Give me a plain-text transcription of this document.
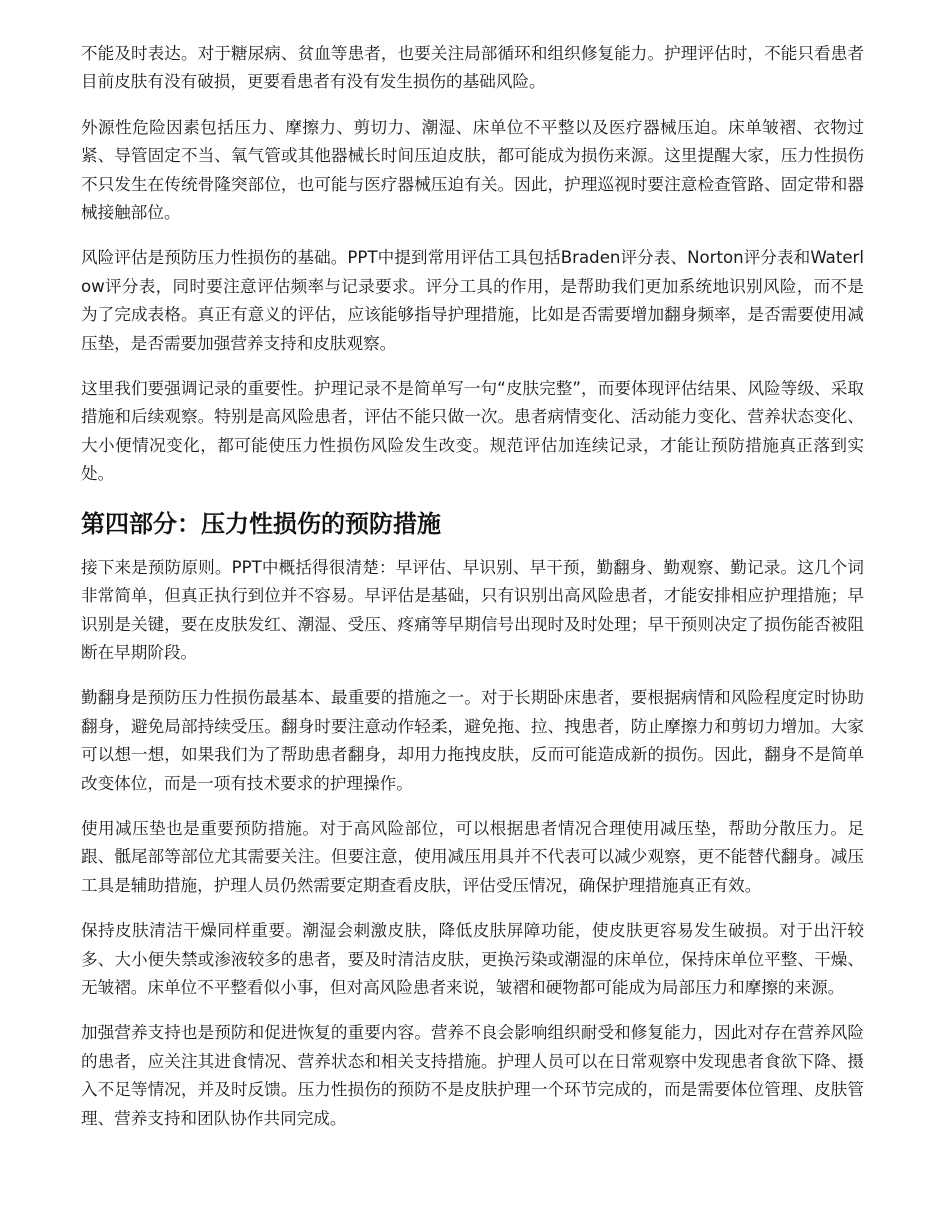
不能及时表达。对于糖尿病、贫血等患者，也要关注局部循环和组织修复能力。护理评估时，不能只看患者目前皮肤有没有破损，更要看患者有没有发生损伤的基础风险。

外源性危险因素包括压力、摩擦力、剪切力、潮湿、床单位不平整以及医疗器械压迫。床单皱褶、衣物过紧、导管固定不当、氧气管或其他器械长时间压迫皮肤，都可能成为损伤来源。这里提醒大家，压力性损伤不只发生在传统骨隆突部位，也可能与医疗器械压迫有关。因此，护理巡视时要注意检查管路、固定带和器械接触部位。

风险评估是预防压力性损伤的基础。PPT中提到常用评估工具包括Braden评分表、Norton评分表和Waterlow评分表，同时要注意评估频率与记录要求。评分工具的作用，是帮助我们更加系统地识别风险，而不是为了完成表格。真正有意义的评估，应该能够指导护理措施，比如是否需要增加翻身频率，是否需要使用减压垫，是否需要加强营养支持和皮肤观察。

这里我们要强调记录的重要性。护理记录不是简单写一句“皮肤完整”，而要体现评估结果、风险等级、采取措施和后续观察。特别是高风险患者，评估不能只做一次。患者病情变化、活动能力变化、营养状态变化、大小便情况变化，都可能使压力性损伤风险发生改变。规范评估加连续记录，才能让预防措施真正落到实处。

第四部分：压力性损伤的预防措施

接下来是预防原则。PPT中概括得很清楚：早评估、早识别、早干预，勤翻身、勤观察、勤记录。这几个词非常简单，但真正执行到位并不容易。早评估是基础，只有识别出高风险患者，才能安排相应护理措施；早识别是关键，要在皮肤发红、潮湿、受压、疼痛等早期信号出现时及时处理；早干预则决定了损伤能否被阻断在早期阶段。

勤翻身是预防压力性损伤最基本、最重要的措施之一。对于长期卧床患者，要根据病情和风险程度定时协助翻身，避免局部持续受压。翻身时要注意动作轻柔，避免拖、拉、拽患者，防止摩擦力和剪切力增加。大家可以想一想，如果我们为了帮助患者翻身，却用力拖拽皮肤，反而可能造成新的损伤。因此，翻身不是简单改变体位，而是一项有技术要求的护理操作。

使用减压垫也是重要预防措施。对于高风险部位，可以根据患者情况合理使用减压垫，帮助分散压力。足跟、骶尾部等部位尤其需要关注。但要注意，使用减压用具并不代表可以减少观察，更不能替代翻身。减压工具是辅助措施，护理人员仍然需要定期查看皮肤，评估受压情况，确保护理措施真正有效。

保持皮肤清洁干燥同样重要。潮湿会刺激皮肤，降低皮肤屏障功能，使皮肤更容易发生破损。对于出汗较多、大小便失禁或渗液较多的患者，要及时清洁皮肤，更换污染或潮湿的床单位，保持床单位平整、干燥、无皱褶。床单位不平整看似小事，但对高风险患者来说，皱褶和硬物都可能成为局部压力和摩擦的来源。

加强营养支持也是预防和促进恢复的重要内容。营养不良会影响组织耐受和修复能力，因此对存在营养风险的患者，应关注其进食情况、营养状态和相关支持措施。护理人员可以在日常观察中发现患者食欲下降、摄入不足等情况，并及时反馈。压力性损伤的预防不是皮肤护理一个环节完成的，而是需要体位管理、皮肤管理、营养支持和团队协作共同完成。
